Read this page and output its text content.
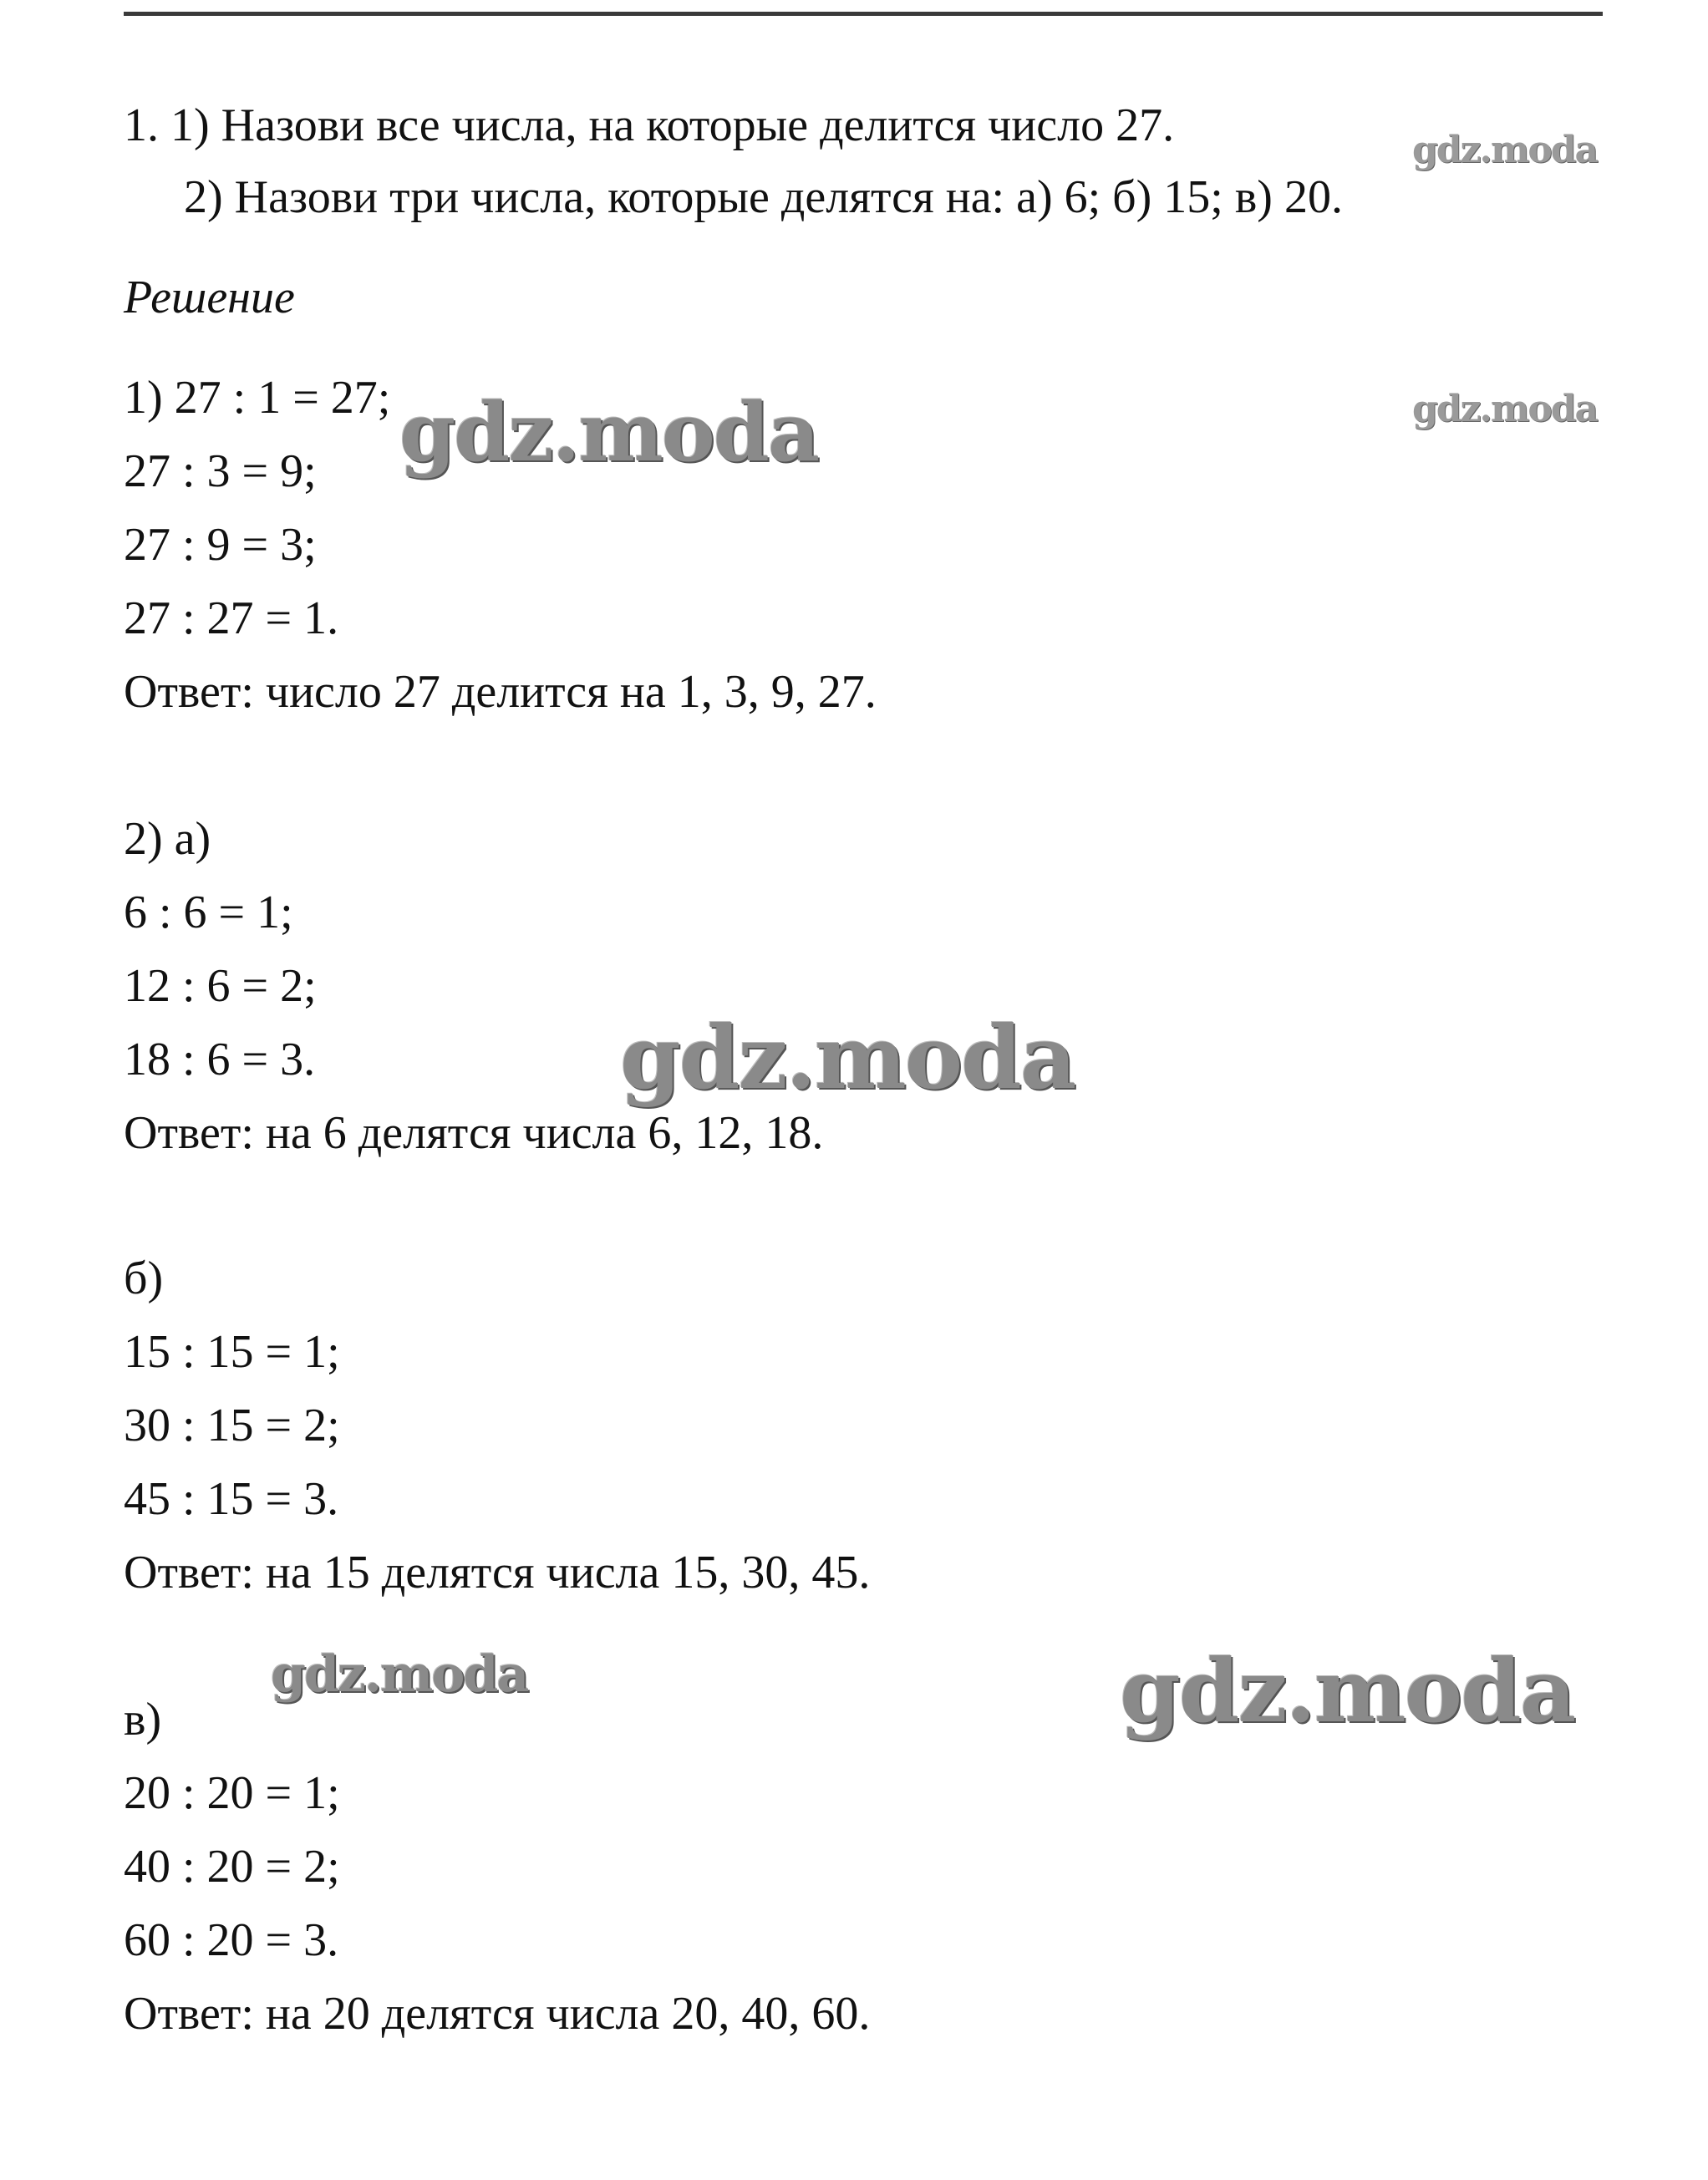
1. 1) Назови все числа, на которые делится число 27.
2) Назови три числа, которые делятся на: а) 6; б) 15; в) 20.
Решение
1) 27 : 1 = 27;
27 : 3 = 9;
27 : 9 = 3;
27 : 27 = 1.
Ответ: число 27 делится на 1, 3, 9, 27.
2) а)
6 : 6 = 1;
12 : 6 = 2;
18 : 6 = 3.
Ответ: на 6 делятся числа 6, 12, 18.
б)
15 : 15 = 1;
30 : 15 = 2;
45 : 15 = 3.
Ответ: на 15 делятся числа 15, 30, 45.
в)
20 : 20 = 1;
40 : 20 = 2;
60 : 20 = 3.
Ответ: на 20 делятся числа 20, 40, 60.
gdz.moda
gdz.moda
gdz.moda
gdz.moda
gdz.moda	gdz.moda
